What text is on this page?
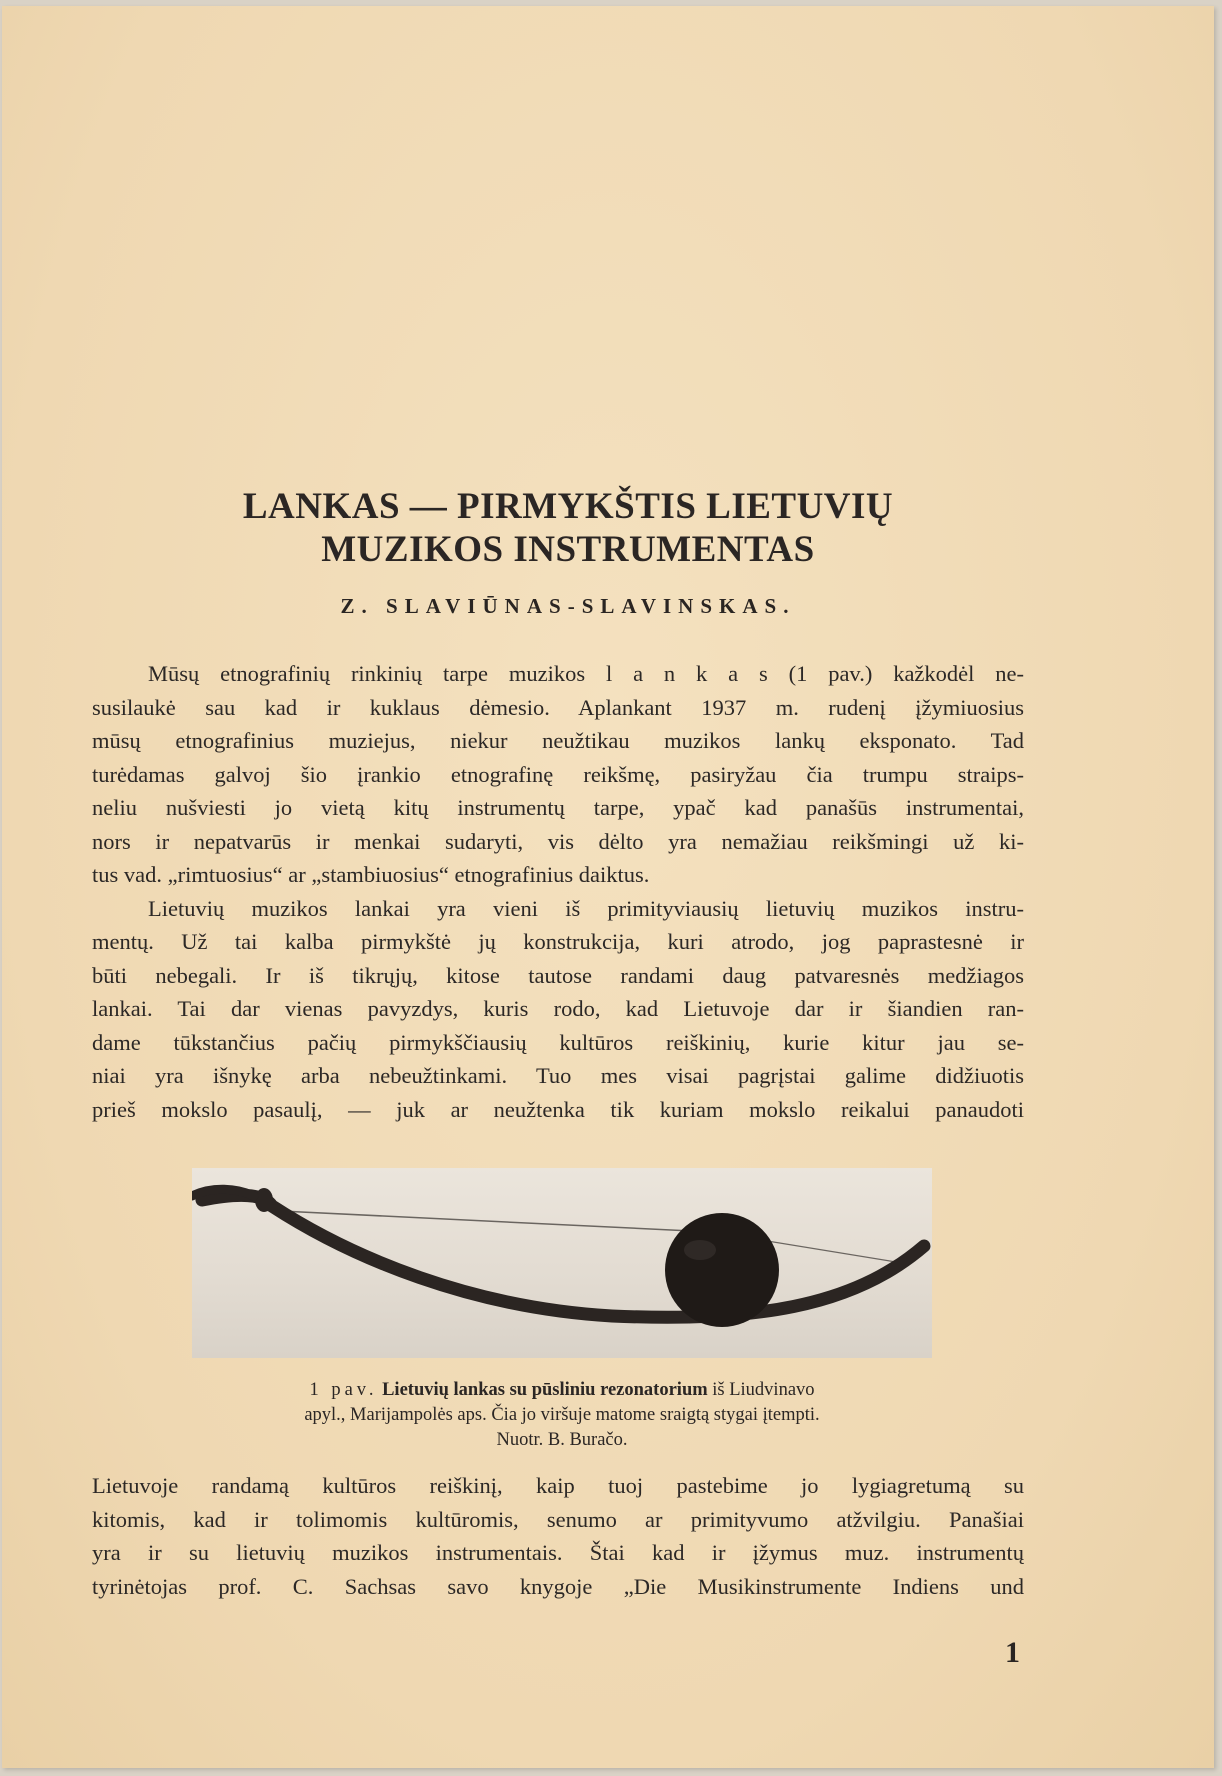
LANKAS — PIRMYKŠTIS LIETUVIŲ
MUZIKOS INSTRUMENTAS
Z. SLAVIŪNAS-SLAVINSKAS.

Mūsų etnografinių rinkinių tarpe muzikos l a n k a s (1 pav.) kažkodėl ne-

susilaukė sau kad ir kuklaus dėmesio. Aplankant 1937 m. rudenį įžymiuosius

mūsų etnografinius muziejus, niekur neužtikau muzikos lankų eksponato. Tad

turėdamas galvoj šio įrankio etnografinę reikšmę, pasiryžau čia trumpu straips-

neliu nušviesti jo vietą kitų instrumentų tarpe, ypač kad panašūs instrumentai,

nors ir nepatvarūs ir menkai sudaryti, vis dėlto yra nemažiau reikšmingi už ki-

tus vad. „rimtuosius“ ar „stambiuosius“ etnografinius daiktus.

Lietuvių muzikos lankai yra vieni iš primityviausių lietuvių muzikos instru-

mentų. Už tai kalba pirmykštė jų konstrukcija, kuri atrodo, jog paprastesnė ir

būti nebegali. Ir iš tikrųjų, kitose tautose randami daug patvaresnės medžiagos

lankai. Tai dar vienas pavyzdys, kuris rodo, kad Lietuvoje dar ir šiandien ran-

dame tūkstančius pačių pirmykščiausių kultūros reiškinių, kurie kitur jau se-

niai yra išnykę arba nebeužtinkami. Tuo mes visai pagrįstai galime didžiuotis

prieš mokslo pasaulį, — juk ar neužtenka tik kuriam mokslo reikalui panaudoti

1 pav. Lietuvių lankas su pūsliniu rezonatorium iš Liudvinavo
apyl., Marijampolės aps. Čia jo viršuje matome sraigtą stygai įtempti.
Nuotr. B. Buračo.

Lietuvoje randamą kultūros reiškinį, kaip tuoj pastebime jo lygiagretumą su

kitomis, kad ir tolimomis kultūromis, senumo ar primityvumo atžvilgiu. Panašiai

yra ir su lietuvių muzikos instrumentais. Štai kad ir įžymus muz. instrumentų

tyrinėtojas prof. C. Sachsas savo knygoje „Die Musikinstrumente Indiens und

1
